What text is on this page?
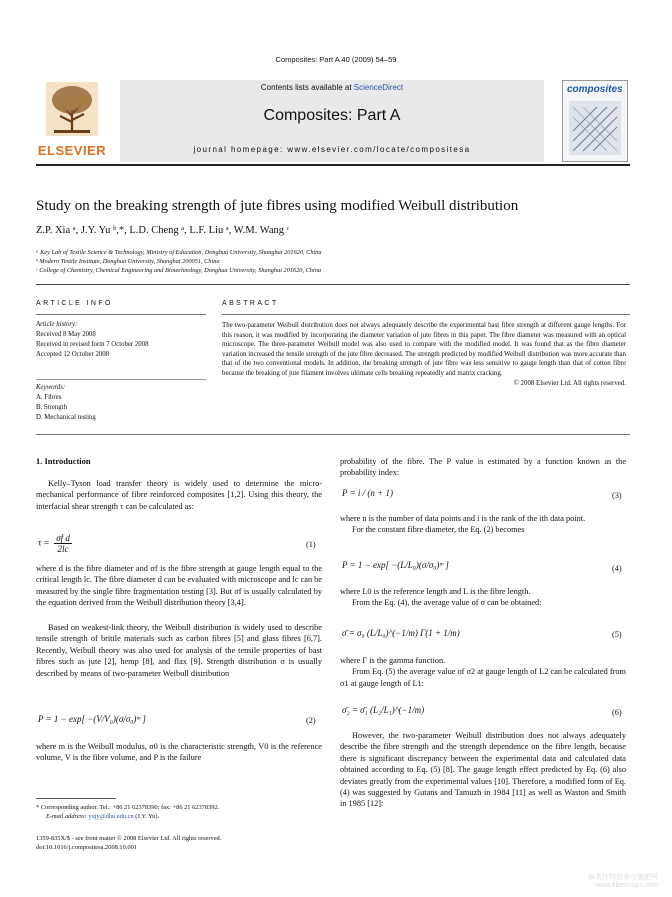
Composites: Part A 40 (2009) 54–59
ELSEVIER
Contents lists available at ScienceDirect
Composites: Part A
journal homepage: www.elsevier.com/locate/compositesa
composites
Study on the breaking strength of jute fibres using modified Weibull distribution
Z.P. Xia ᵃ, J.Y. Yu ᵇ,*, L.D. Cheng ᵃ, L.F. Liu ᵃ, W.M. Wang ᶜ
ᵃ Key Lab of Textile Science & Technology, Ministry of Education, Donghua University, Shanghai 201620, China
ᵇ Modern Textile Institute, Donghua University, Shanghai 200051, China
ᶜ College of Chemistry, Chemical Engineering and Biotechnology, Donghua University, Shanghai 201620, China
ARTICLE INFO
Article history:
Received 8 May 2008
Received in revised form 7 October 2008
Accepted 12 October 2008
Keywords:
A. Fibres
B. Strength
D. Mechanical testing
ABSTRACT
The two-parameter Weibull distribution does not always adequately describe the experimental bast fibre strength at different gauge lengths. For this reason, it was modified by incorporating the diameter variation of jute fibres in this paper. The fibre diameter was measured with an optical microscope. The three-parameter Weibull model was also used to compare with the modified model. It was found that as the fibre diameter variation increased the tensile strength of the jute fibre decreased. The strength predicted by modified Weibull distribution was more accurate than that of the two conventional models. In addition, the breaking strength of jute fibre was less sensitive to gauge length than that of cotton fibre because the breaking of jute filament involves ultimate cells breaking repeatedly and matrix cracking.
© 2008 Elsevier Ltd. All rights reserved.
1. Introduction

Kelly–Tyson load transfer theory is widely used to determine the micro-mechanical performance of fibre reinforced composites [1,2]. Using this theory, the interfacial shear strength τ can be calculated as:

$\tau = \frac{\text{σf d}}{2lc}$	(1)

where d is the fibre diameter and σf is the fibre strength at gauge length equal to the critical length lc. The fibre diameter d can be evaluated with microscope and lc can be measured by the single fibre fragmentation testing [3]. But σf is usually calculated by the equation derived from the Weibull distribution theory [3,4].

Based on weakest-link theory, the Weibull distribution is widely used to describe tensile strength of brittle materials such as carbon fibres [5] and glass fibres [6,7]. Recently, Weibull theory was also used for analysis of the tensile properties of bast fibres such as jute [2], hemp [8], and flax [9]. Strength distribution σ is usually described by means of two-parameter Weibull distribution

P = 1 − exp[ −(V/V₀)(σ/σ₀)ᵐ ]	(2)

where m is the Weibull modulus, σ0 is the characteristic strength, V0 is the reference volume, V is the fibre volume, and P is the failure

probability of the fibre. The P value is estimated by a function known as the probability index:

P = i / (n + 1)	(3)

where n is the number of data points and i is the rank of the ith data point.

For the constant fibre diameter, the Eq. (2) becomes

P = 1 − exp[ −(L/L₀)(σ/σ₀)ᵐ ]	(4)

where L0 is the reference length and L is the fibre length.

From the Eq. (4), the average value of σ can be obtained:

σ̄ = σ₀ (L/L₀)^(−1/m) Γ(1 + 1/m)	(5)

where Γ is the gamma function.

From Eq. (5) the average value of σ2 at gauge length of L2 can be calculated from σ1 at gauge length of L1:

σ̄₂ = σ̄₁ (L₂/L₁)^(−1/m)	(6)

However, the two-parameter Weibull distribution does not always adequately describe the fibre strength and the strength dependence on the fibre length, because there is significant discrepancy between the experimental data and calculated data obtained according to Eq. (5) [8]. The gauge length effect predicted by Eq. (6) also deviates greatly from the experimental values [10]. Therefore, a modified form of Eq. (4) was suggested by Gutans and Tamuzh in 1984 [11] as well as Waston and Smith in 1985 [12]:

* Corresponding author. Tel.: +86 21 62378390; fax: +86 21 62378392.
E-mail address: yujy@dhu.edu.cn (J.Y. Yu).
1359-835X/$ - see front matter © 2008 Elsevier Ltd. All rights reserved.
doi:10.1016/j.compositesa.2008.10.001
麻类作物营养与施肥网
www.fibercrops.com
